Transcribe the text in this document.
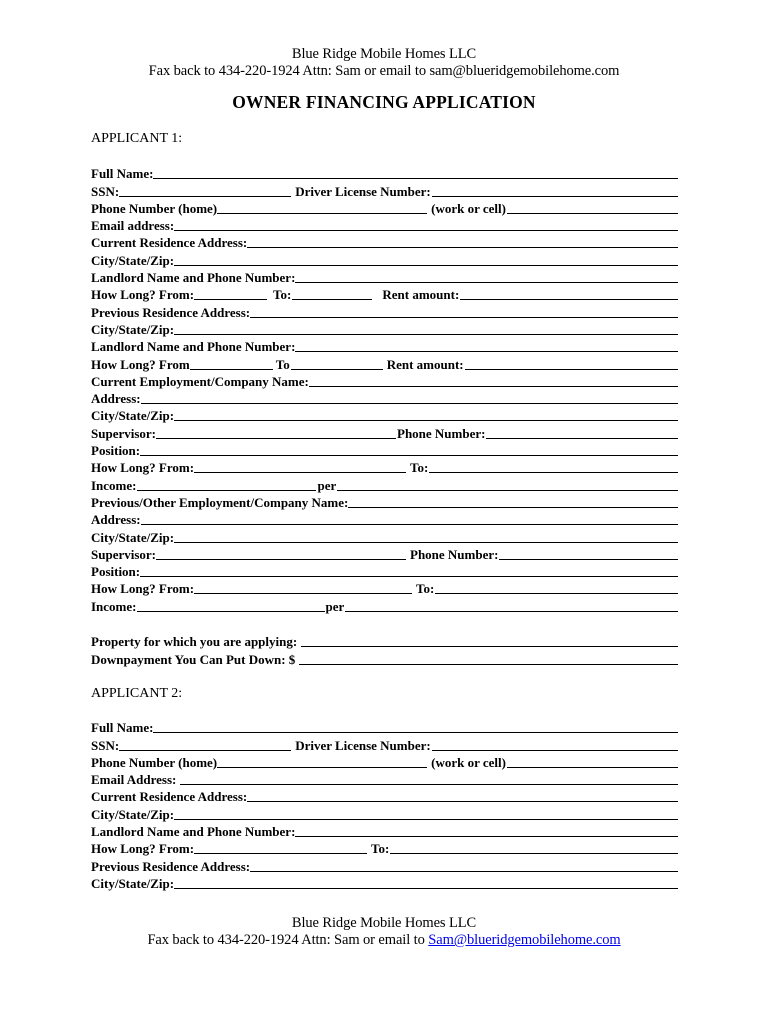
Blue Ridge Mobile Homes LLC
Fax back to 434-220-1924 Attn: Sam or email to sam@blueridgemobilehome.com
OWNER FINANCING APPLICATION
APPLICANT 1:
Full Name:
SSN:	Driver License Number:
Phone Number (home)	(work or cell)
Email address:
Current Residence Address:
City/State/Zip:
Landlord Name and Phone Number:
How Long? From:	To:	Rent amount:
Previous Residence Address:
City/State/Zip:
Landlord Name and Phone Number:
How Long? From	To	Rent amount:
Current Employment/Company Name:
Address:
City/State/Zip:
Supervisor:	Phone Number:
Position:
How Long? From:	To:
Income:	per
Previous/Other Employment/Company Name:
Address:
City/State/Zip:
Supervisor:	Phone Number:
Position:
How Long? From:	To:
Income:	per
Property for which you are applying:
Downpayment You Can Put Down: $
APPLICANT 2:
Full Name:
SSN:	Driver License Number:
Phone Number (home)	(work or cell)
Email Address:
Current Residence Address:
City/State/Zip:
Landlord Name and Phone Number:
How Long? From:	To:
Previous Residence Address:
City/State/Zip:
Blue Ridge Mobile Homes LLC
Fax back to 434-220-1924 Attn: Sam or email to Sam@blueridgemobilehome.com
